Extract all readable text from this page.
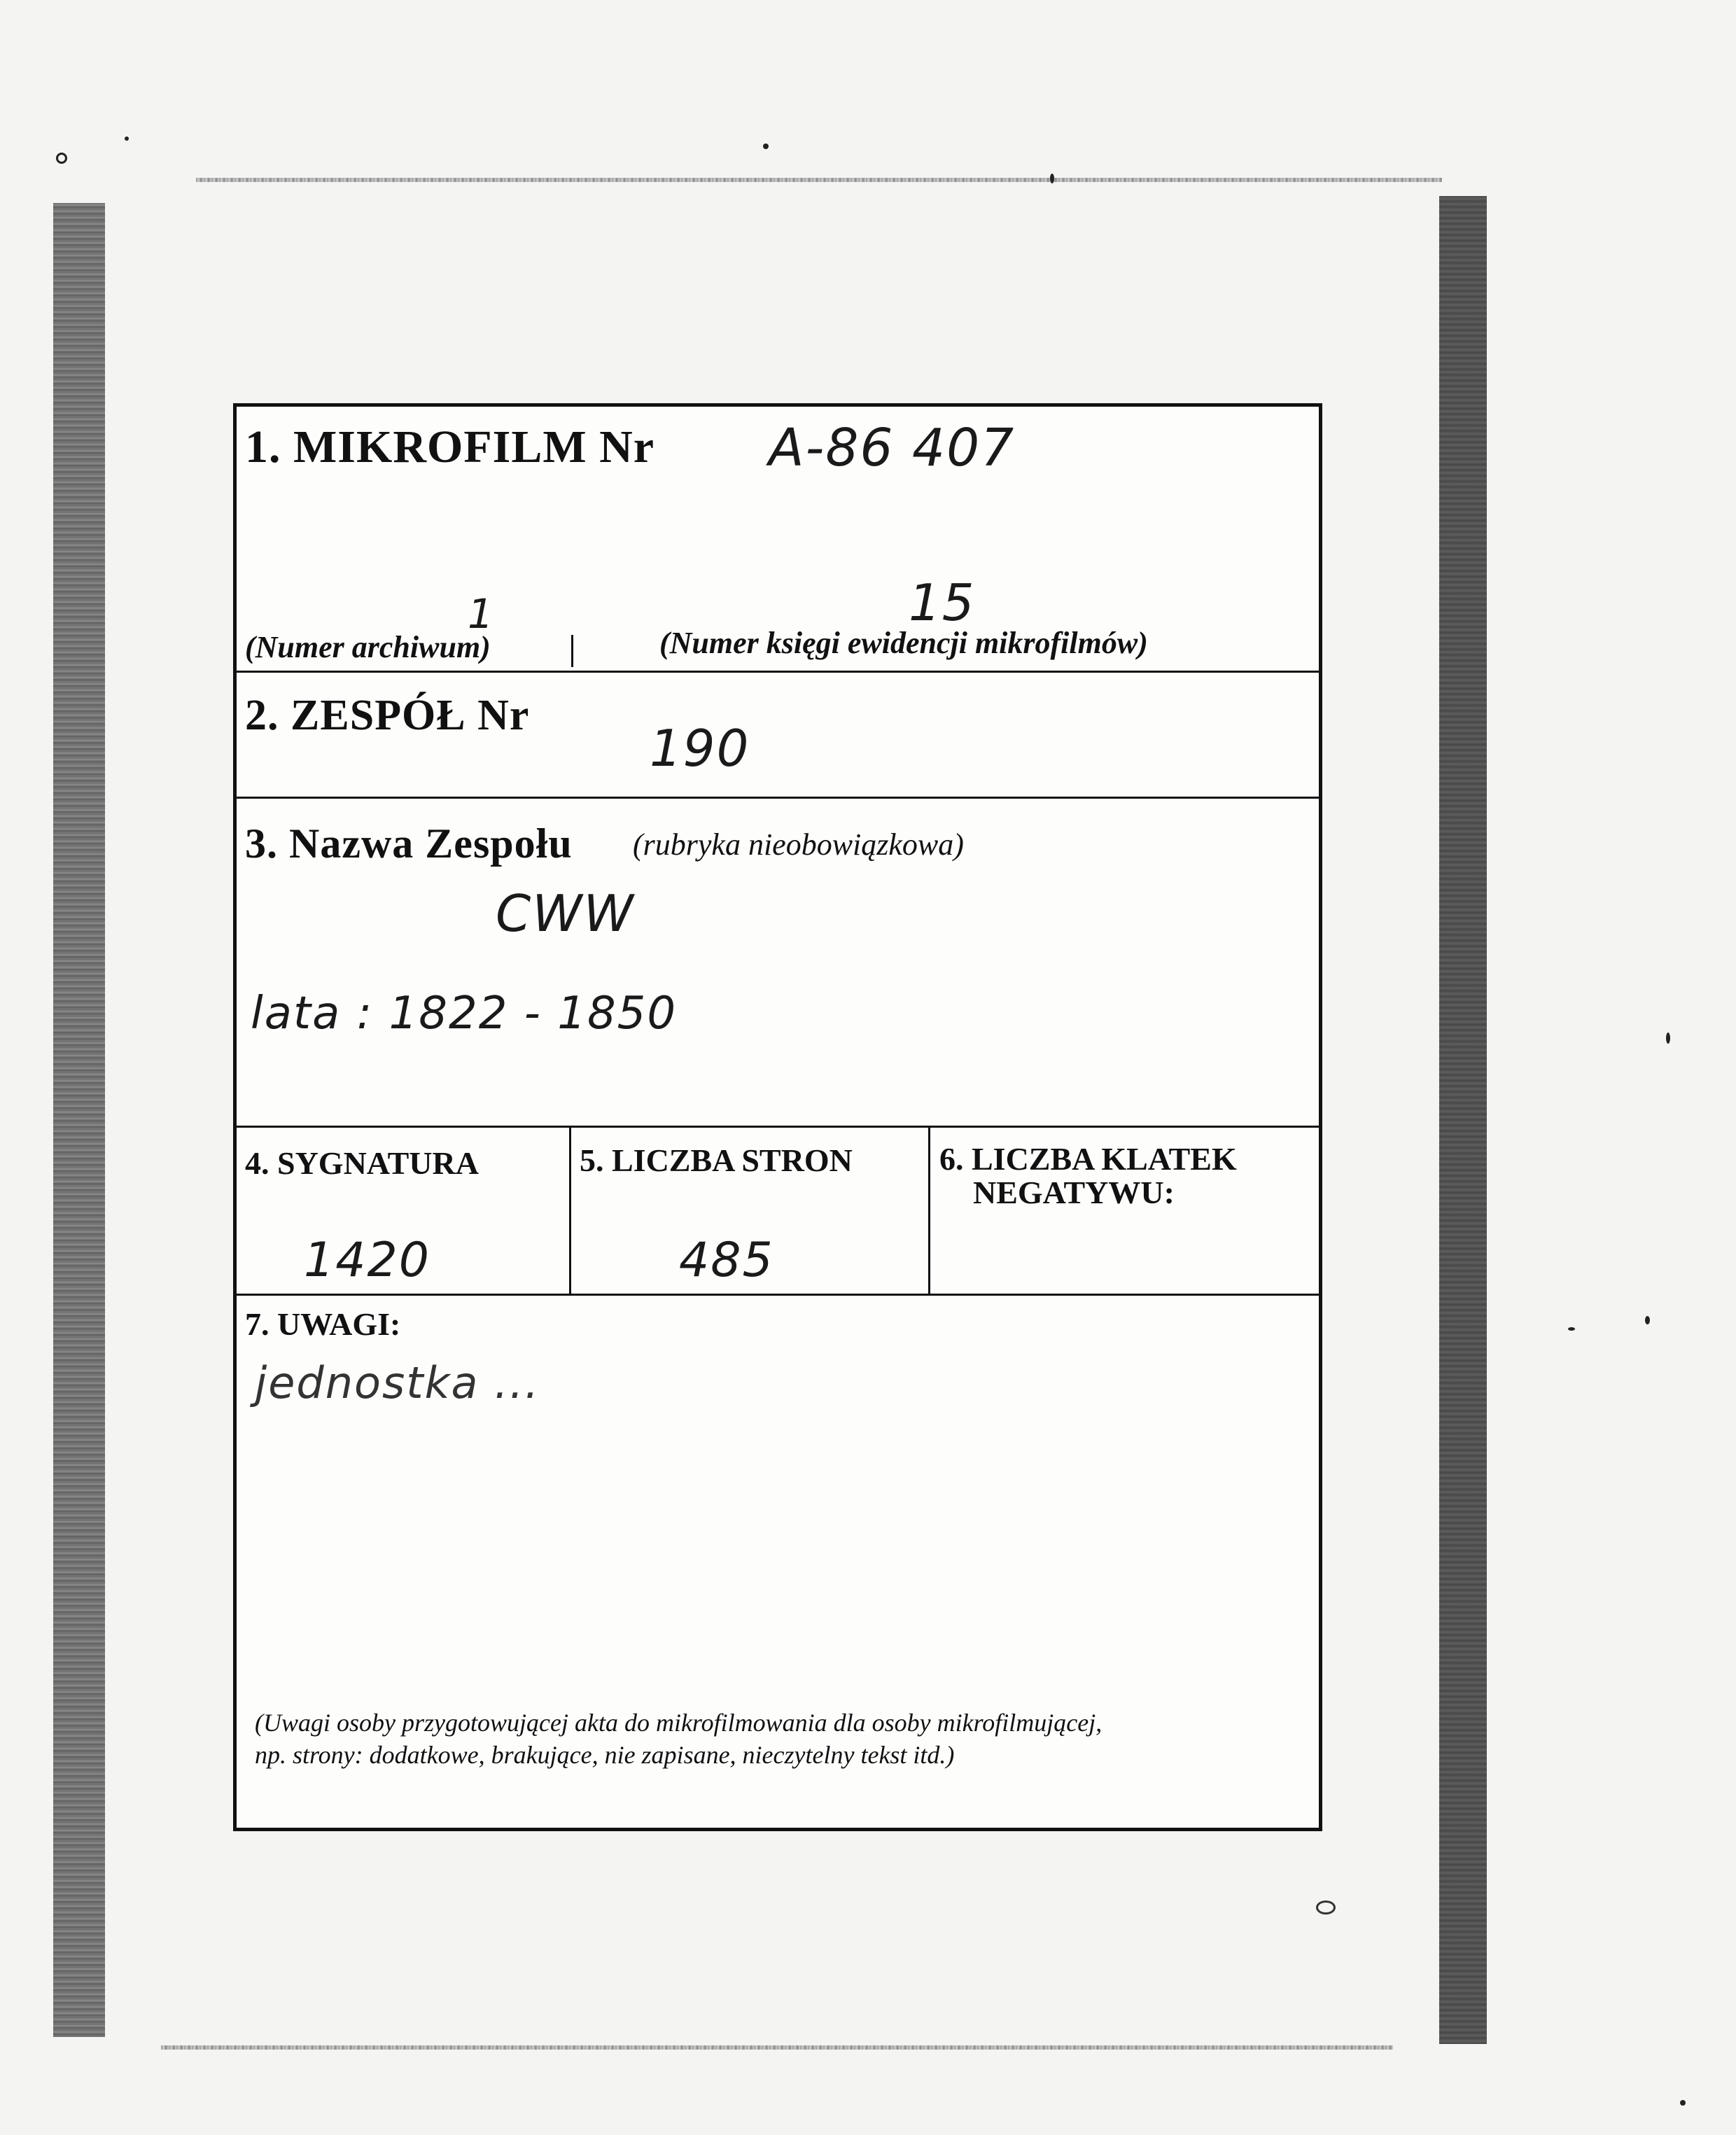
1. MIKROFILM Nr A-86 407
1	15
(Numer archiwum)	(Numer księgi ewidencji mikrofilmów)
2. ZESPÓŁ Nr
190
3. Nazwa Zespołu (rubryka nieobowiązkowa)
CWW
lata : 1822 - 1850
4. SYGNATURA
1420
5. LICZBA STRON
485
6. LICZBA KLATEK
NEGATYWU:
7. UWAGI:
jednostka ...
(Uwagi osoby przygotowującej akta do mikrofilmowania dla osoby mikrofilmującej,
np. strony: dodatkowe, brakujące, nie zapisane, nieczytelny tekst itd.)
